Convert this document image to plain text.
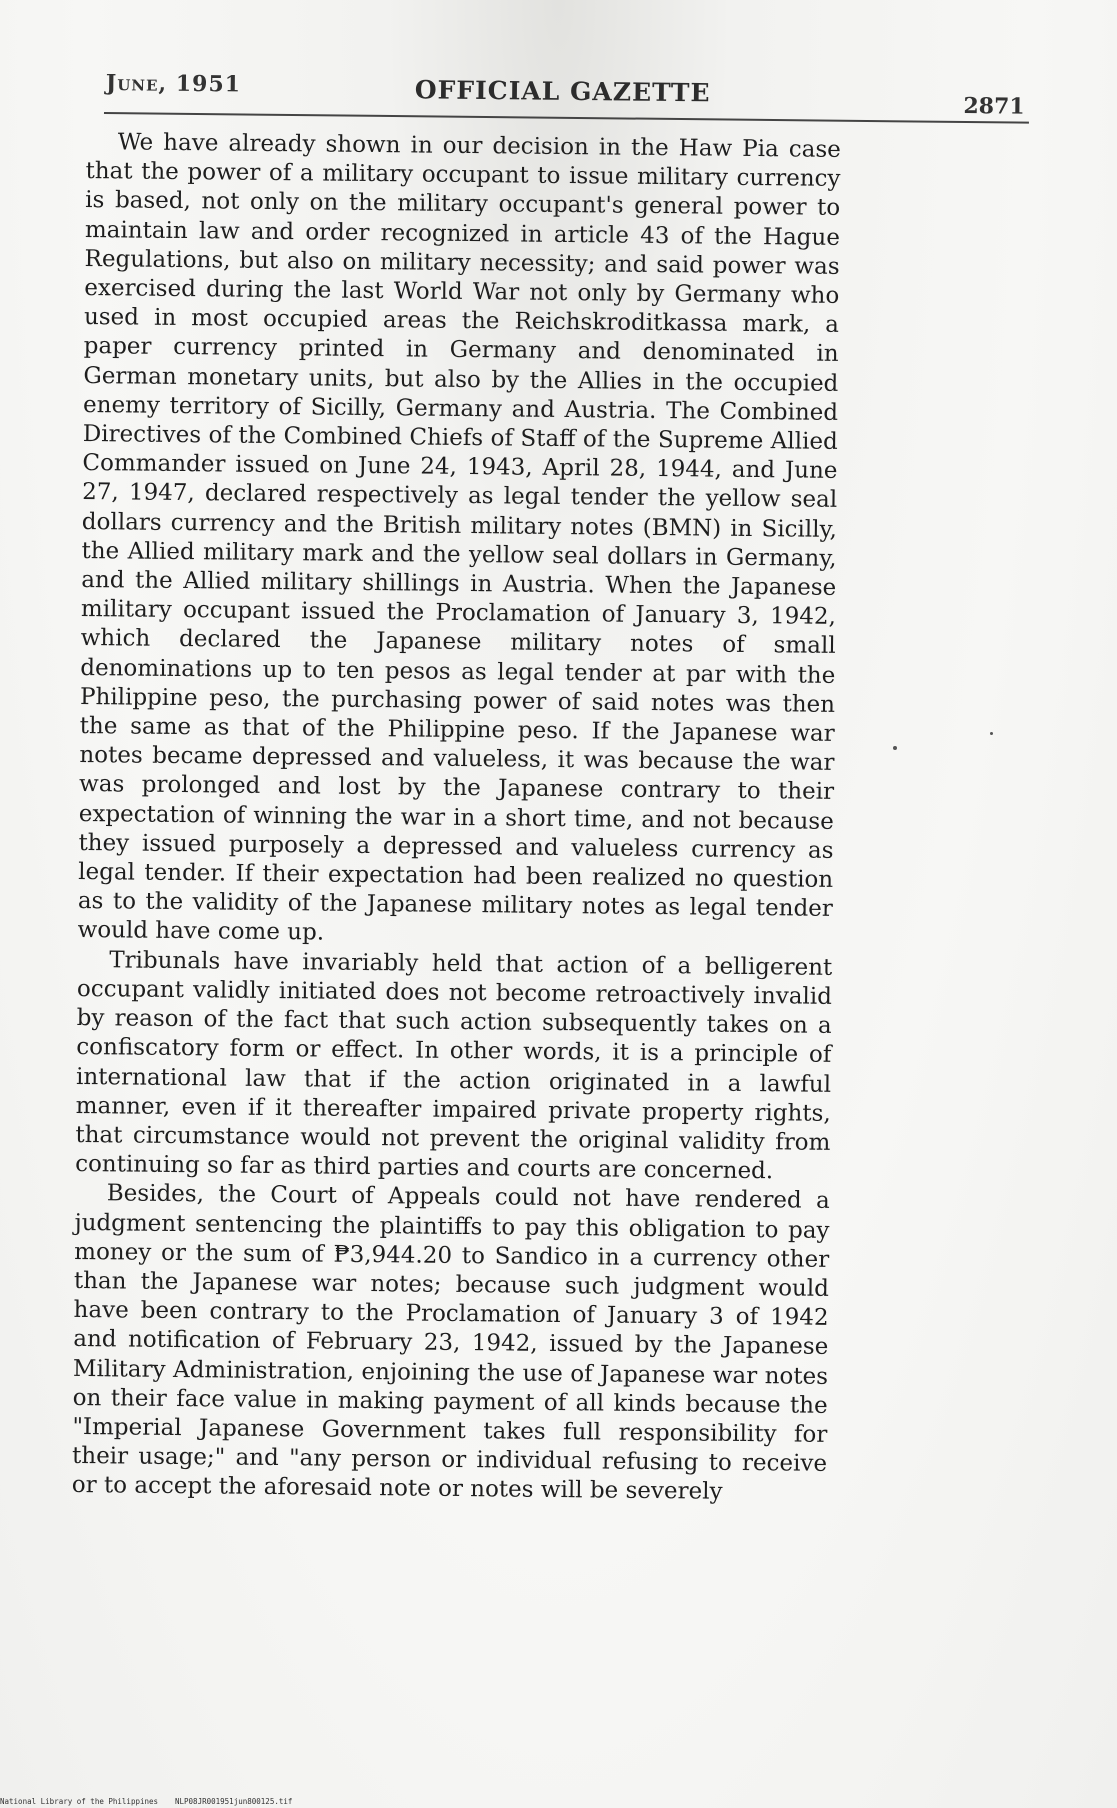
June, 1951	OFFICIAL GAZETTE	2871

We have already shown in our decision in the Haw Pia case that the power of a military occupant to issue military currency is based, not only on the military occupant's general power to maintain law and order recognized in article 43 of the Hague Regulations, but also on military necessity; and said power was exercised during the last World War not only by Germany who used in most occupied areas the Reichskroditkassa mark, a paper currency printed in Germany and denominated in German monetary units, but also by the Allies in the occupied enemy territory of Sicilly, Germany and Austria. The Combined Directives of the Combined Chiefs of Staff of the Supreme Allied Commander issued on June 24, 1943, April 28, 1944, and June 27, 1947, declared respectively as legal tender the yellow seal dollars currency and the British military notes (BMN) in Sicilly, the Allied military mark and the yellow seal dollars in Germany, and the Allied military shillings in Austria. When the Japanese military occupant issued the Proclamation of January 3, 1942, which declared the Japanese military notes of small denominations up to ten pesos as legal tender at par with the Philippine peso, the purchasing power of said notes was then the same as that of the Philippine peso. If the Japanese war notes became depressed and valueless, it was because the war was prolonged and lost by the Japanese contrary to their expectation of winning the war in a short time, and not because they issued purposely a depressed and valueless currency as legal tender. If their expectation had been realized no question as to the validity of the Japanese military notes as legal tender would have come up.

Tribunals have invariably held that action of a belligerent occupant validly initiated does not become retroactively invalid by reason of the fact that such action subsequently takes on a confiscatory form or effect. In other words, it is a principle of international law that if the action originated in a lawful manner, even if it thereafter impaired private property rights, that circumstance would not prevent the original validity from continuing so far as third parties and courts are concerned.

Besides, the Court of Appeals could not have rendered a judgment sentencing the plaintiffs to pay this obligation to pay money or the sum of ₱3,944.20 to Sandico in a currency other than the Japanese war notes; because such judgment would have been contrary to the Proclamation of January 3 of 1942 and notification of February 23, 1942, issued by the Japanese Military Administration, enjoining the use of Japanese war notes on their face value in making payment of all kinds because the "Imperial Japanese Government takes full responsibility for their usage;" and "any person or individual refusing to receive or to accept the aforesaid note or notes will be severely

National Library of the Philippines NLP08JR001951jun800125.tif
